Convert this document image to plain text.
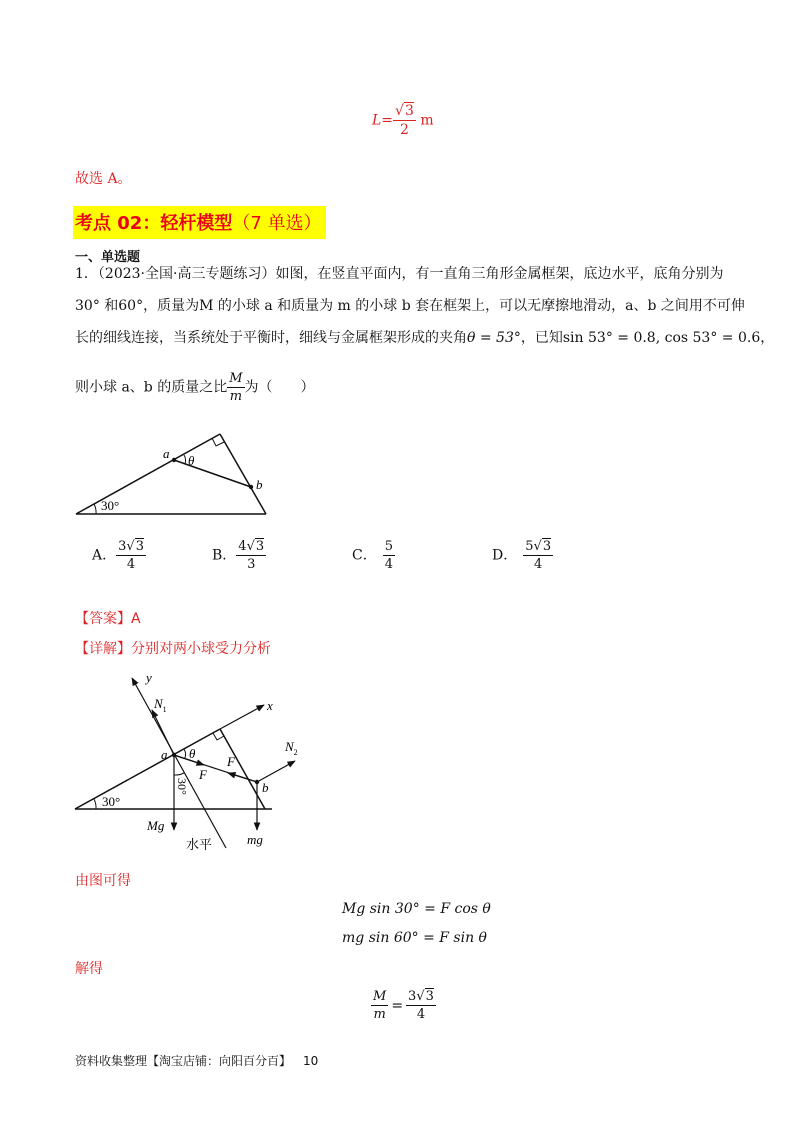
$L= \frac{√3}{2}$ m
故选 A。
考点 02：轻杆模型（7 单选）
一、单选题
1．（2023·全国·高三专题练习）如图，在竖直平面内，有一直角三角形金属框架，底边水平，底角分别为
30° 和60°，质量为M 的小球 a 和质量为 m 的小球 b 套在框架上，可以无摩擦地滑动，a、b 之间用不可伸
长的细线连接，当系统处于平衡时，细线与金属框架形成的夹角θ = 53°，已知sin 53° = 0.8, cos 53° = 0.6，
则小球 a、b 的质量之比 $\frac{M}{m}$ 为（　　）
a θ
b
30°
A． $\frac{3√3}{4}$	B． $\frac{4√3}{3}$	C． $\frac{5}{4}$	D． $\frac{5√3}{4}$
【答案】A
【详解】分别对两小球受力分析
y
x
$N_1$
$N_2$
a θ
F
F
b
30°
30°
Mg
mg
水平
由图可得
Mg sin 30° = F cos θ
mg sin 60° = F sin θ
解得
$\frac{M}{m} = \frac{3√3}{4}$
资料收集整理【淘宝店铺：向阳百分百】 10
